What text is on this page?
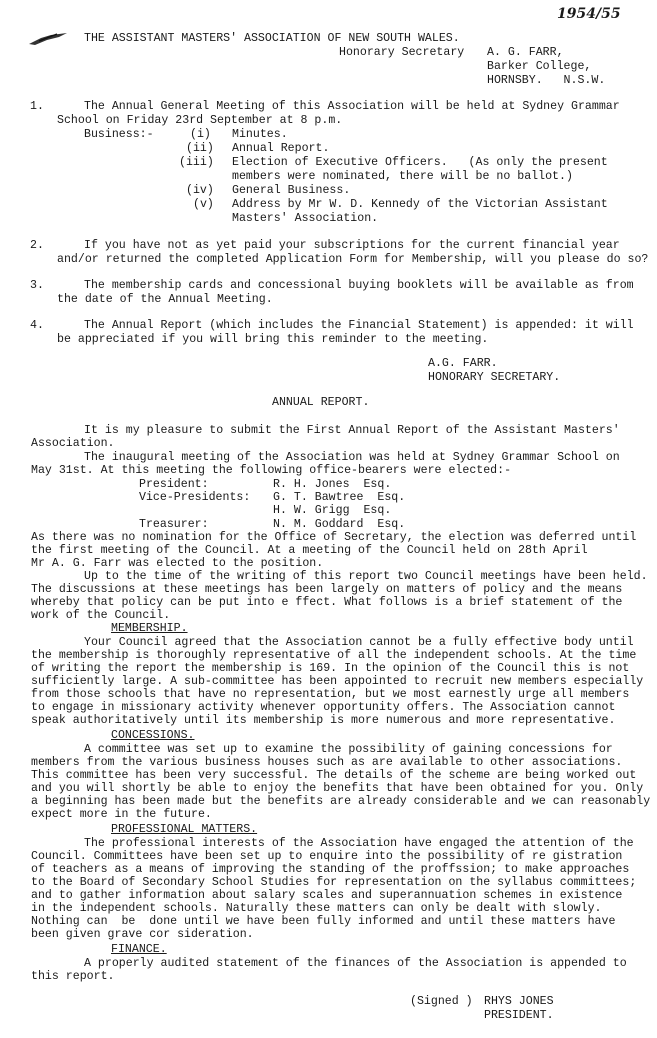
1954/55
THE ASSISTANT MASTERS' ASSOCIATION OF NEW SOUTH WALES.
Honorary Secretary A. G. FARR,
Barker College,
HORNSBY.   N.S.W.
1.	The Annual General Meeting of this Association will be held at Sydney Grammar
School on Friday 23rd September at 8 p.m.
Business:-	(i) Minutes.
(ii) Annual Report.
(iii) Election of Executive Officers.   (As only the present
members were nominated, there will be no ballot.)
(iv) General Business.
(v) Address by Mr W. D. Kennedy of the Victorian Assistant
Masters' Association.
2.	If you have not as yet paid your subscriptions for the current financial year
and/or returned the completed Application Form for Membership, will you please do so?
3.	The membership cards and concessional buying booklets will be available as from
the date of the Annual Meeting.
4.	The Annual Report (which includes the Financial Statement) is appended: it will
be appreciated if you will bring this reminder to the meeting.
A.G. FARR.
HONORARY SECRETARY.
ANNUAL REPORT.
It is my pleasure to submit the First Annual Report of the Assistant Masters'
Association.
The inaugural meeting of the Association was held at Sydney Grammar School on
May 31st. At this meeting the following office-bearers were elected:-
President:	R. H. Jones  Esq.
Vice-Presidents: G. T. Bawtree  Esq.
H. W. Grigg  Esq.
Treasurer:	N. M. Goddard  Esq.
As there was no nomination for the Office of Secretary, the election was deferred until
the first meeting of the Council. At a meeting of the Council held on 28th April
Mr A. G. Farr was elected to the position.
Up to the time of the writing of this report two Council meetings have been held.
The discussions at these meetings has been largely on matters of policy and the means
whereby that policy can be put into e ffect. What follows is a brief statement of the
work of the Council.
MEMBERSHIP.
Your Council agreed that the Association cannot be a fully effective body until
the membership is thoroughly representative of all the independent schools. At the time
of writing the report the membership is 169. In the opinion of the Council this is not
sufficiently large. A sub-committee has been appointed to recruit new members especially
from those schools that have no representation, but we most earnestly urge all members
to engage in missionary activity whenever opportunity offers. The Association cannot
speak authoritatively until its membership is more numerous and more representative.
CONCESSIONS.
A committee was set up to examine the possibility of gaining concessions for
members from the various business houses such as are available to other associations.
This committee has been very successful. The details of the scheme are being worked out
and you will shortly be able to enjoy the benefits that have been obtained for you. Only
a beginning has been made but the benefits are already considerable and we can reasonably
expect more in the future.
PROFESSIONAL MATTERS.
The professional interests of the Association have engaged the attention of the
Council. Committees have been set up to enquire into the possibility of re gistration
of teachers as a means of improving the standing of the proffssion; to make approaches
to the Board of Secondary School Studies for representation on the syllabus committees;
and to gather information about salary scales and superannuation schemes in existence
in the independent schools. Naturally these matters can only be dealt with slowly.
Nothing can  be  done until we have been fully informed and until these matters have
been given grave cor sideration.
FINANCE.
A properly audited statement of the finances of the Association is appended to
this report.
(Signed ) RHYS JONES
PRESIDENT.
